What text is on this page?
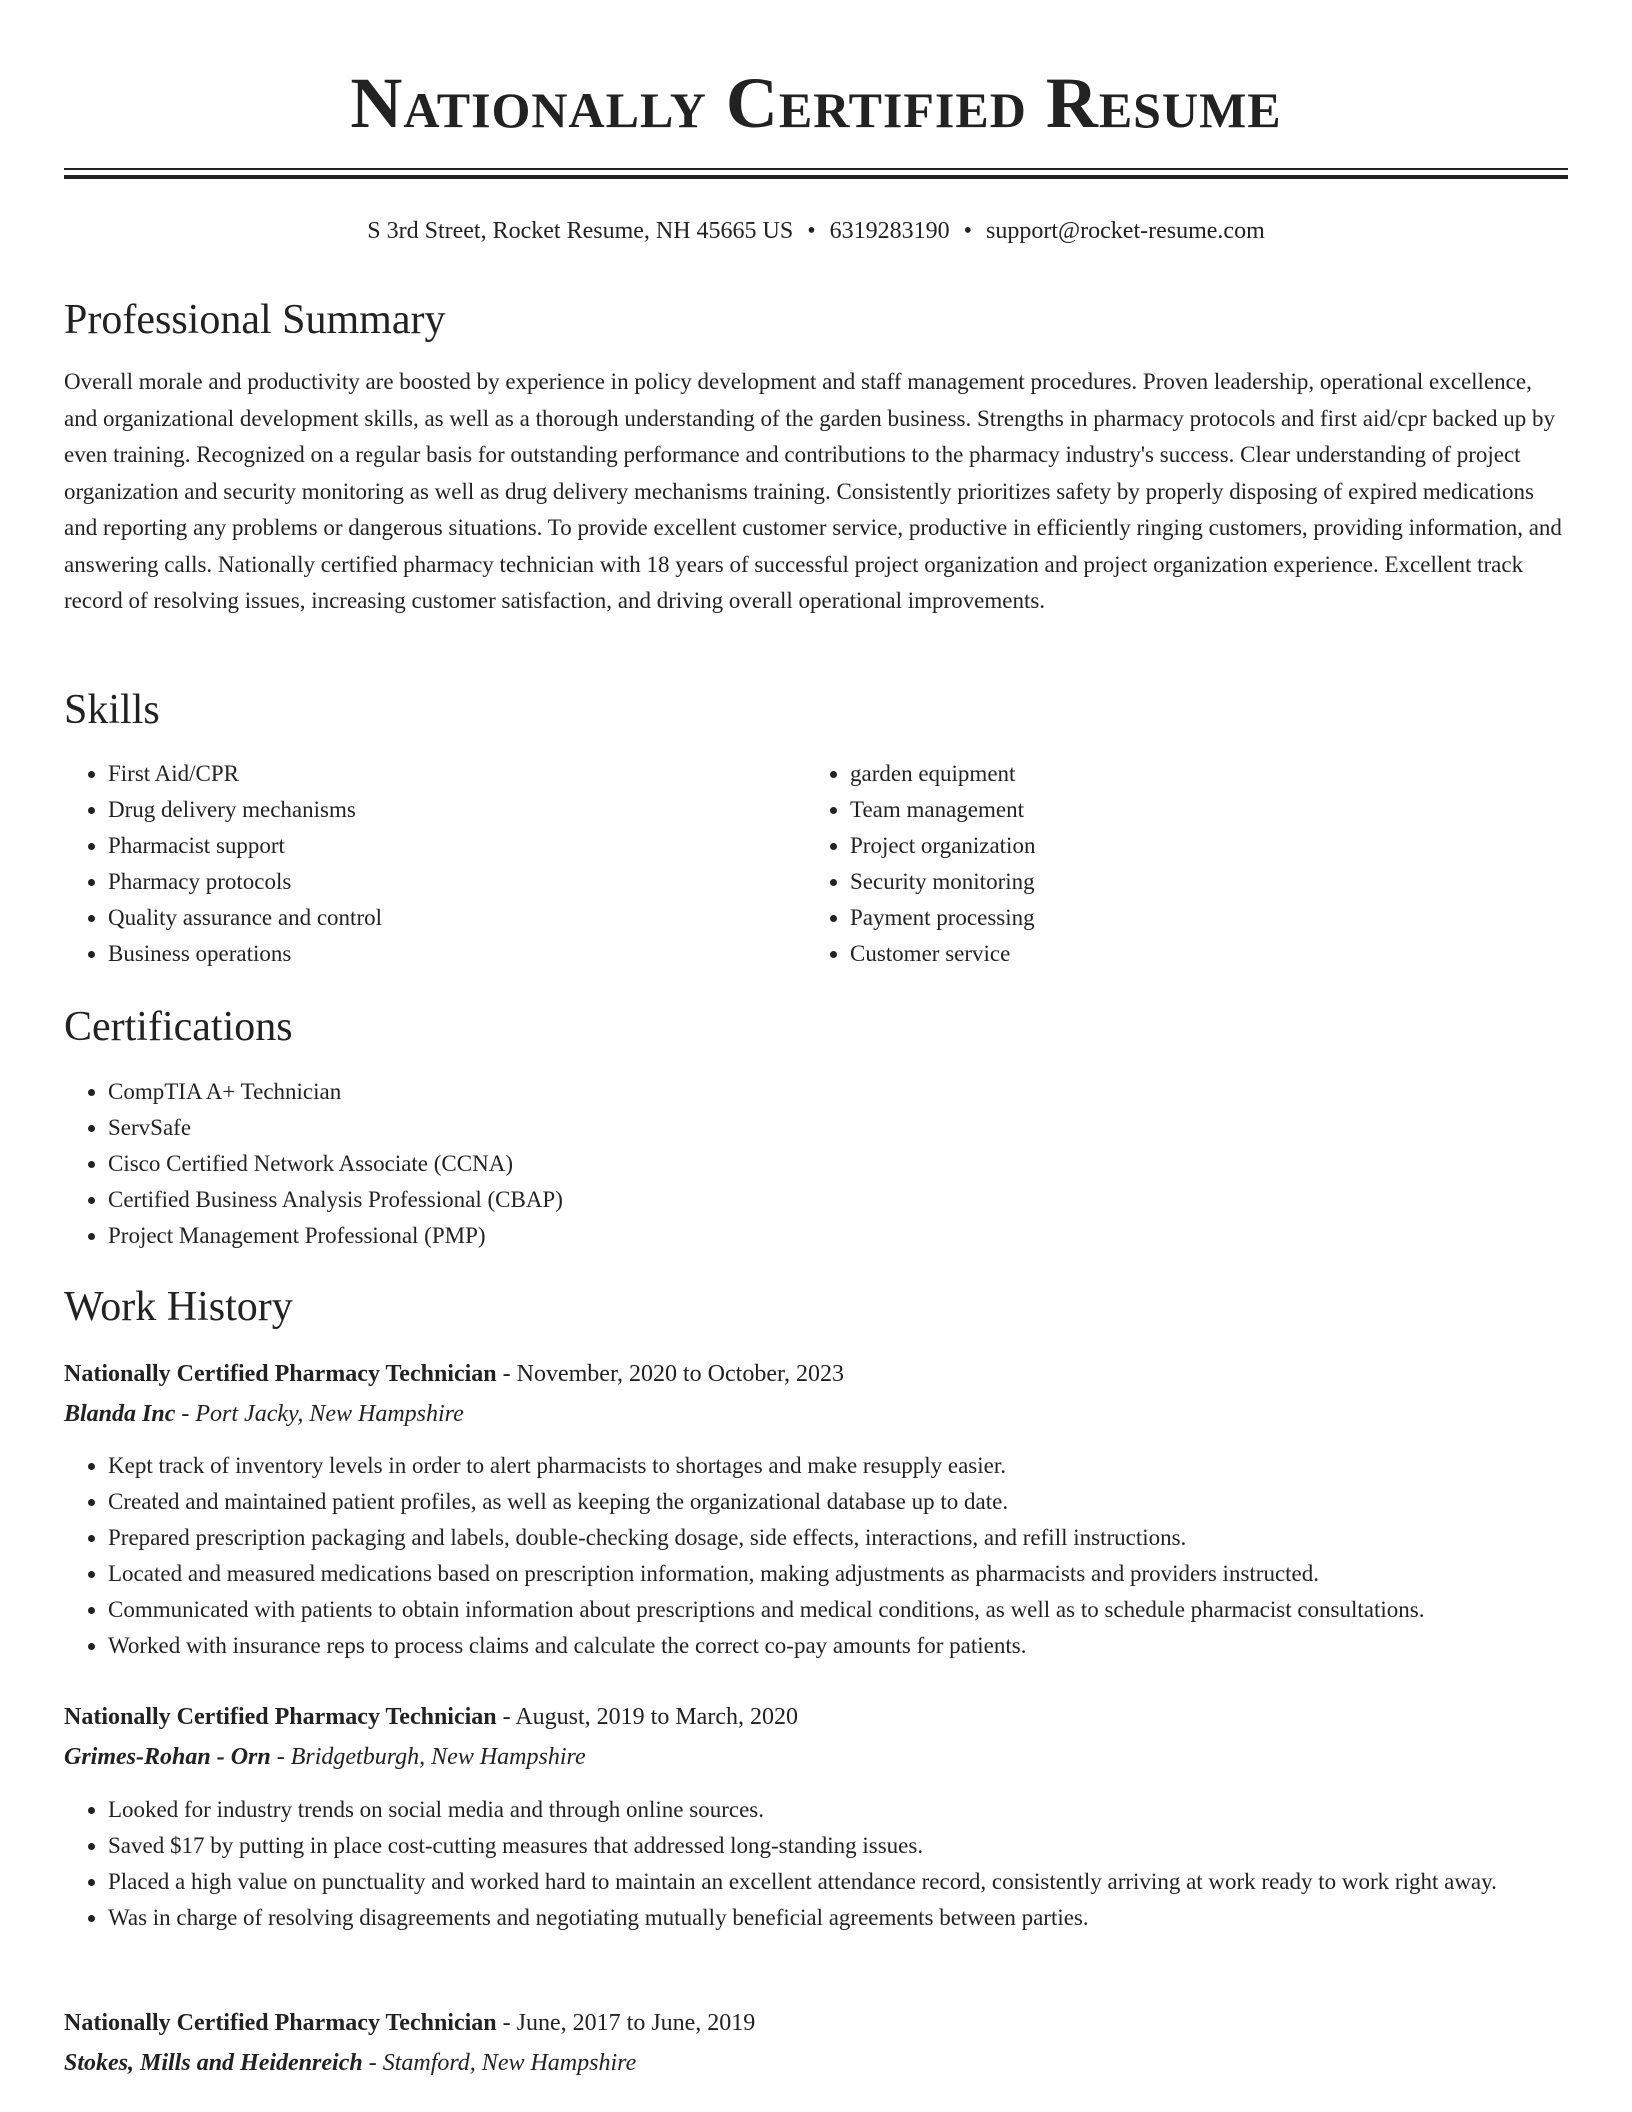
Nationally Certified Resume
S 3rd Street, Rocket Resume, NH 45665 US • 6319283190 • support@rocket-resume.com
Professional Summary

Overall morale and productivity are boosted by experience in policy development and staff management procedures. Proven leadership, operational excellence, and organizational development skills, as well as a thorough understanding of the garden business. Strengths in pharmacy protocols and first aid/cpr backed up by even training. Recognized on a regular basis for outstanding performance and contributions to the pharmacy industry's success. Clear understanding of project organization and security monitoring as well as drug delivery mechanisms training. Consistently prioritizes safety by properly disposing of expired medications and reporting any problems or dangerous situations. To provide excellent customer service, productive in efficiently ringing customers, providing information, and answering calls. Nationally certified pharmacy technician with 18 years of successful project organization and project organization experience. Excellent track record of resolving issues, increasing customer satisfaction, and driving overall operational improvements.

Skills
• First Aid/CPR
• Drug delivery mechanisms
• Pharmacist support
• Pharmacy protocols
• Quality assurance and control
• Business operations
• garden equipment
• Team management
• Project organization
• Security monitoring
• Payment processing
• Customer service
Certifications
• CompTIA A+ Technician
• ServSafe
• Cisco Certified Network Associate (CCNA)
• Certified Business Analysis Professional (CBAP)
• Project Management Professional (PMP)
Work History
Nationally Certified Pharmacy Technician - November, 2020 to October, 2023
Blanda Inc - Port Jacky, New Hampshire
• Kept track of inventory levels in order to alert pharmacists to shortages and make resupply easier.
• Created and maintained patient profiles, as well as keeping the organizational database up to date.
• Prepared prescription packaging and labels, double-checking dosage, side effects, interactions, and refill instructions.
• Located and measured medications based on prescription information, making adjustments as pharmacists and providers instructed.
• Communicated with patients to obtain information about prescriptions and medical conditions, as well as to schedule pharmacist consultations.
• Worked with insurance reps to process claims and calculate the correct co-pay amounts for patients.
Nationally Certified Pharmacy Technician - August, 2019 to March, 2020
Grimes-Rohan - Orn - Bridgetburgh, New Hampshire
• Looked for industry trends on social media and through online sources.
• Saved $17 by putting in place cost-cutting measures that addressed long-standing issues.
• Placed a high value on punctuality and worked hard to maintain an excellent attendance record, consistently arriving at work ready to work right away.
• Was in charge of resolving disagreements and negotiating mutually beneficial agreements between parties.
Nationally Certified Pharmacy Technician - June, 2017 to June, 2019
Stokes, Mills and Heidenreich - Stamford, New Hampshire
